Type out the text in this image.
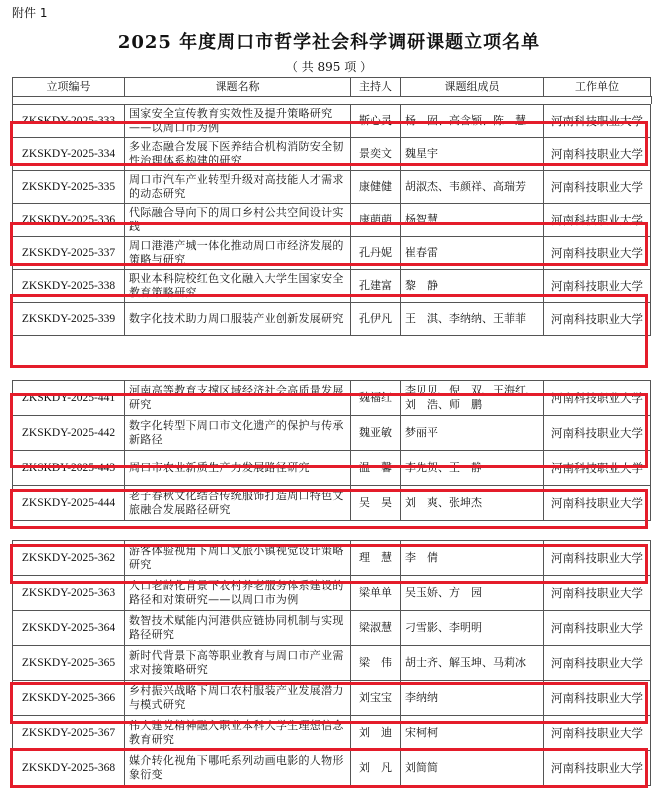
附件 1
2025 年度周口市哲学社会科学调研课题立项名单
（ 共 895 项 ）
立项编号	课题名称	主持人	课题组成员	工作单位
ZKSKDY-2025-333	国家安全宣传教育实效性及提升策略研究——以周口市为例	靳心灵	杨　囡、高含颖、陈　慧	河南科技职业大学
ZKSKDY-2025-334	多业态融合发展下医养结合机构消防安全韧性治理体系构建的研究	景奕文	魏星宇	河南科技职业大学
ZKSKDY-2025-335	周口市汽车产业转型升级对高技能人才需求的动态研究	康健健	胡淑杰、韦颜祥、高瑞芳	河南科技职业大学
ZKSKDY-2025-336	代际融合导向下的周口乡村公共空间设计实践	康萌萌	杨智慧	河南科技职业大学
ZKSKDY-2025-337	周口港港产城一体化推动周口市经济发展的策略与研究	孔丹妮	崔春雷	河南科技职业大学
ZKSKDY-2025-338	职业本科院校红色文化融入大学生国家安全教育策略研究	孔建富	黎　静	河南科技职业大学
ZKSKDY-2025-339	数字化技术助力周口服装产业创新发展研究	孔伊凡	王　淇、李纳纳、王菲菲	河南科技职业大学
ZKSKDY-2025-441	河南高等教育支撑区域经济社会高质量发展研究	魏福红	李贝贝、倪　双、王海红、刘　浩、师　鹏	河南科技职业大学
ZKSKDY-2025-442	数字化转型下周口市文化遗产的保护与传承新路径	魏亚敏	梦丽平	河南科技职业大学
ZKSKDY-2025-443	周口市农业新质生产力发展路径研究	温　馨	李先贺、王　静	河南科技职业大学
ZKSKDY-2025-444	老子春秋文化结合传统服饰打造周口特色文旅融合发展路径研究	吴　昊	刘　爽、张坤杰	河南科技职业大学
ZKSKDY-2025-362	游客体验视角下周口文旅小镇视觉设计策略研究	理　慧	李　倩	河南科技职业大学
ZKSKDY-2025-363	人口老龄化背景下农村养老服务体系建设的路径和对策研究——以周口市为例	梁单单	吴玉娇、方　园	河南科技职业大学
ZKSKDY-2025-364	数智技术赋能内河港供应链协同机制与实现路径研究	梁淑慧	刁雪影、李明明	河南科技职业大学
ZKSKDY-2025-365	新时代背景下高等职业教育与周口市产业需求对接策略研究	梁　伟	胡士齐、解玉坤、马莉冰	河南科技职业大学
ZKSKDY-2025-366	乡村振兴战略下周口农村服装产业发展潜力与模式研究	刘宝宝	李纳纳	河南科技职业大学
ZKSKDY-2025-367	伟大建党精神融入职业本科大学生理想信念教育研究	刘　迪	宋柯柯	河南科技职业大学
ZKSKDY-2025-368	媒介转化视角下哪吒系列动画电影的人物形象衍变	刘　凡	刘简简	河南科技职业大学
